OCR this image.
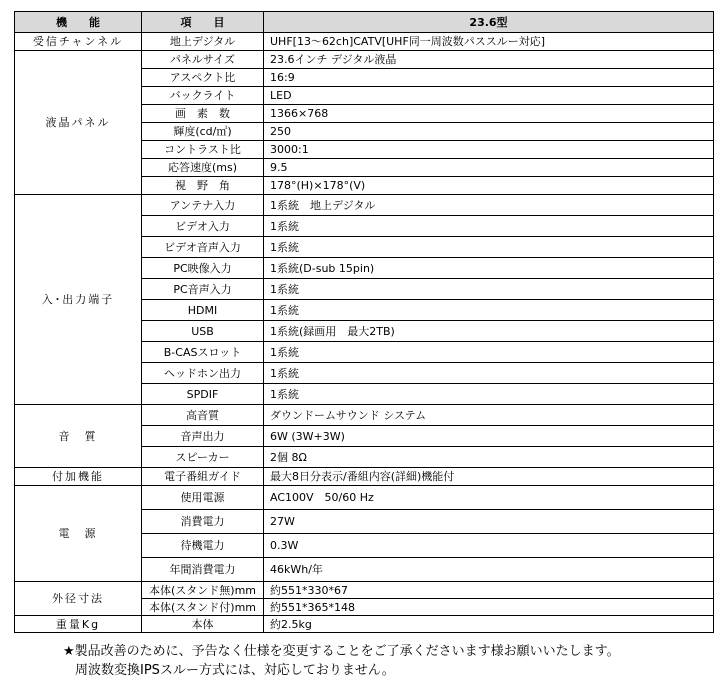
機　　能	項　　目	23.6型
受信チャンネル	地上デジタル	UHF[13～62ch]CATV[UHF同一周波数パススルー対応]
液晶パネル	パネルサイズ	23.6インチ デジタル液晶
	アスペクト比	16:9
	バックライト	LED
	画　素　数	1366×768
	輝度(cd/㎡)	250
	コントラスト比	3000:1
	応答速度(ms)	9.5
	視　野　角	178°(H)×178°(V)
入･出力端子	アンテナ入力	1系統　地上デジタル
	ビデオ入力	1系統
	ビデオ音声入力	1系統
	PC映像入力	1系統(D-sub 15pin)
	PC音声入力	1系統
	HDMI	1系統
	USB	1系統(録画用　最大2TB)
	B-CASスロット	1系統
	ヘッドホン出力	1系統
	SPDIF	1系統
音　質	高音質	ダウンドームサウンド システム
	音声出力	6W (3W+3W)
	スピーカー	2個 8Ω
付加機能	電子番組ガイド	最大8日分表示/番組内容(詳細)機能付
電　源	使用電源	AC100V　50/60 Hz
	消費電力	27W
	待機電力	0.3W
	年間消費電力	46kWh/年
外径寸法	本体(スタンド無)mm	約551*330*67
	本体(スタンド付)mm	約551*365*148
重量Kg	本体	約2.5kg
★製品改善のために、予告なく仕様を変更することをご了承くださいます様お願いいたします。
周波数変換IPSスルー方式には、対応しておりません。
